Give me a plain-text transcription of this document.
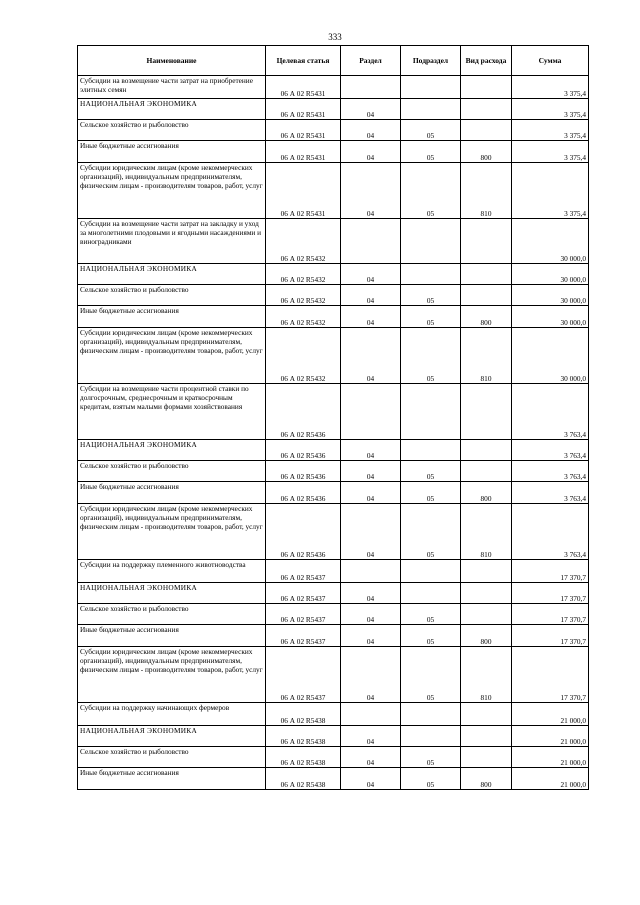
333
Наименование	Целевая статья	Раздел	Подраздел	Вид расхода	Сумма
Субсидии на возмещение части затрат на приобретение элитных семян	06 А 02 R5431				3 375,4
НАЦИОНАЛЬНАЯ ЭКОНОМИКА	06 А 02 R5431	04			3 375,4
Сельское хозяйство и рыболовство	06 А 02 R5431	04	05		3 375,4
Иные бюджетные ассигнования	06 А 02 R5431	04	05	800	3 375,4
Субсидии юридическим лицам (кроме некоммерческих организаций), индивидуальным предпринимателям, физическим лицам - производителям товаров, работ, услуг	06 А 02 R5431	04	05	810	3 375,4
Субсидии на возмещение части затрат на закладку и уход за многолетними плодовыми и ягодными насаждениями и виноградниками	06 А 02 R5432				30 000,0
НАЦИОНАЛЬНАЯ ЭКОНОМИКА	06 А 02 R5432	04			30 000,0
Сельское хозяйство и рыболовство	06 А 02 R5432	04	05		30 000,0
Иные бюджетные ассигнования	06 А 02 R5432	04	05	800	30 000,0
Субсидии юридическим лицам (кроме некоммерческих организаций), индивидуальным предпринимателям, физическим лицам - производителям товаров, работ, услуг	06 А 02 R5432	04	05	810	30 000,0
Субсидии на возмещение части процентной ставки по долгосрочным, среднесрочным и краткосрочным кредитам, взятым малыми формами хозяйствования	06 А 02 R5436				3 763,4
НАЦИОНАЛЬНАЯ ЭКОНОМИКА	06 А 02 R5436	04			3 763,4
Сельское хозяйство и рыболовство	06 А 02 R5436	04	05		3 763,4
Иные бюджетные ассигнования	06 А 02 R5436	04	05	800	3 763,4
Субсидии юридическим лицам (кроме некоммерческих организаций), индивидуальным предпринимателям, физическим лицам - производителям товаров, работ, услуг	06 А 02 R5436	04	05	810	3 763,4
Субсидии на поддержку племенного животноводства	06 А 02 R5437				17 370,7
НАЦИОНАЛЬНАЯ ЭКОНОМИКА	06 А 02 R5437	04			17 370,7
Сельское хозяйство и рыболовство	06 А 02 R5437	04	05		17 370,7
Иные бюджетные ассигнования	06 А 02 R5437	04	05	800	17 370,7
Субсидии юридическим лицам (кроме некоммерческих организаций), индивидуальным предпринимателям, физическим лицам - производителям товаров, работ, услуг	06 А 02 R5437	04	05	810	17 370,7
Субсидии на поддержку начинающих фермеров	06 А 02 R5438				21 000,0
НАЦИОНАЛЬНАЯ ЭКОНОМИКА	06 А 02 R5438	04			21 000,0
Сельское хозяйство и рыболовство	06 А 02 R5438	04	05		21 000,0
Иные бюджетные ассигнования	06 А 02 R5438	04	05	800	21 000,0
